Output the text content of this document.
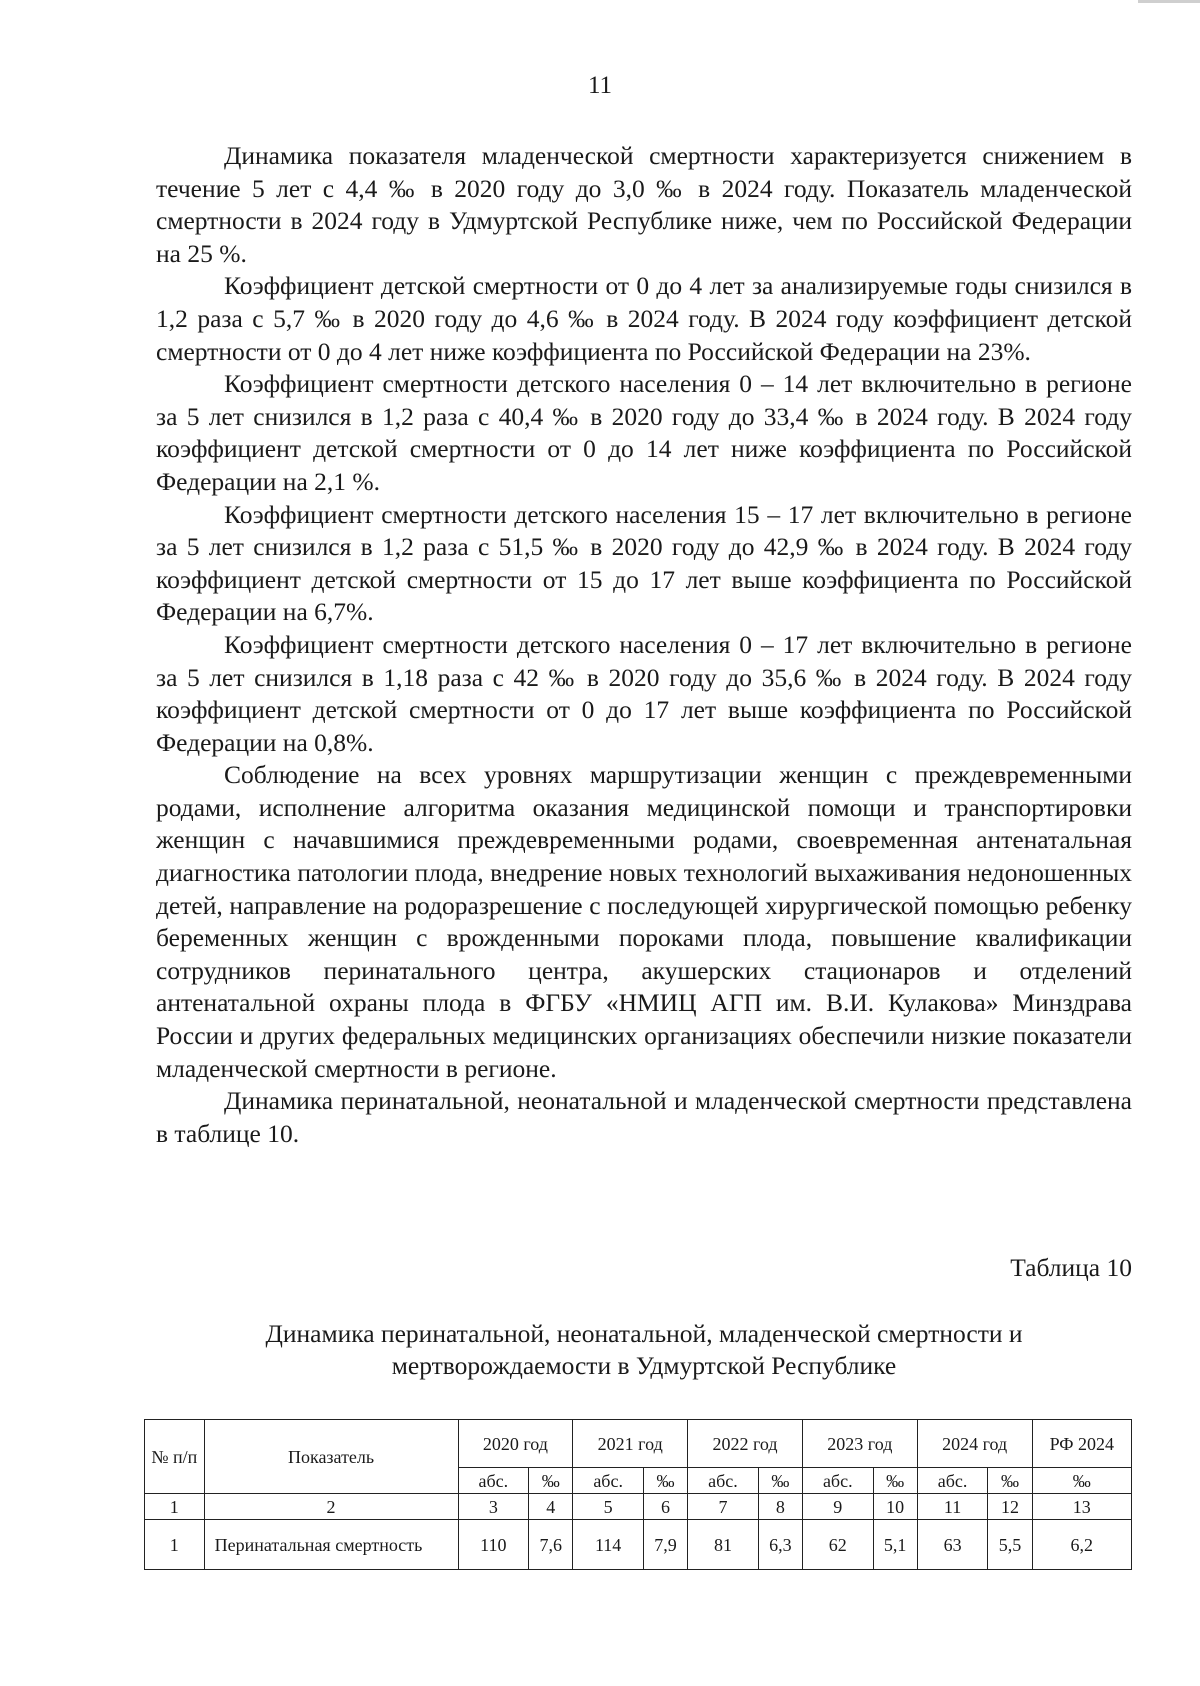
11

Динамика показателя младенческой смертности характеризуется снижением в течение 5 лет с 4,4 ‰ в 2020 году до 3,0 ‰ в 2024 году. Показатель младенческой смертности в 2024 году в Удмуртской Республике ниже, чем по Российской Федерации на 25 %.

Коэффициент детской смертности от 0 до 4 лет за анализируемые годы снизился в 1,2 раза с 5,7 ‰ в 2020 году до 4,6 ‰ в 2024 году. В 2024 году коэффициент детской смертности от 0 до 4 лет ниже коэффициента по Российской Федерации на 23%.

Коэффициент смертности детского населения 0 – 14 лет включительно в регионе за 5 лет снизился в 1,2 раза с 40,4 ‰ в 2020 году до 33,4 ‰ в 2024 году. В 2024 году коэффициент детской смертности от 0 до 14 лет ниже коэффициента по Российской Федерации на 2,1 %.

Коэффициент смертности детского населения 15 – 17 лет включительно в регионе за 5 лет снизился в 1,2 раза с 51,5 ‰ в 2020 году до 42,9 ‰ в 2024 году. В 2024 году коэффициент детской смертности от 15 до 17 лет выше коэффициента по Российской Федерации на 6,7%.

Коэффициент смертности детского населения 0 – 17 лет включительно в регионе за 5 лет снизился в 1,18 раза с 42 ‰ в 2020 году до 35,6 ‰ в 2024 году. В 2024 году коэффициент детской смертности от 0 до 17 лет выше коэффициента по Российской Федерации на 0,8%.

Соблюдение на всех уровнях маршрутизации женщин с преждевременными родами, исполнение алгоритма оказания медицинской помощи и транспортировки женщин с начавшимися преждевременными родами, своевременная антенатальная диагностика патологии плода, внедрение новых технологий выхаживания недоношенных детей, направление на родоразрешение с последующей хирургической помощью ребенку беременных женщин с врожденными пороками плода, повышение квалификации сотрудников перинатального центра, акушерских стационаров и отделений антенатальной охраны плода в ФГБУ «НМИЦ АГП им. В.И. Кулакова» Минздрава России и других федеральных медицинских организациях обеспечили низкие показатели младенческой смертности в регионе.

Динамика перинатальной, неонатальной и младенческой смертности представлена в таблице 10.

Таблица 10
Динамика перинатальной, неонатальной, младенческой смертности и
мертворождаемости в Удмуртской Республике
№ п/п	Показатель	2020 год		2021 год		2022 год		2023 год		2024 год		РФ 2024
		абс.	‰	абс.	‰	абс.	‰	абс.	‰	абс.	‰	‰
1	2	3	4	5	6	7	8	9	10	11	12	13
1	Перинатальная смертность	110	7,6	114	7,9	81	6,3	62	5,1	63	5,5	6,2
